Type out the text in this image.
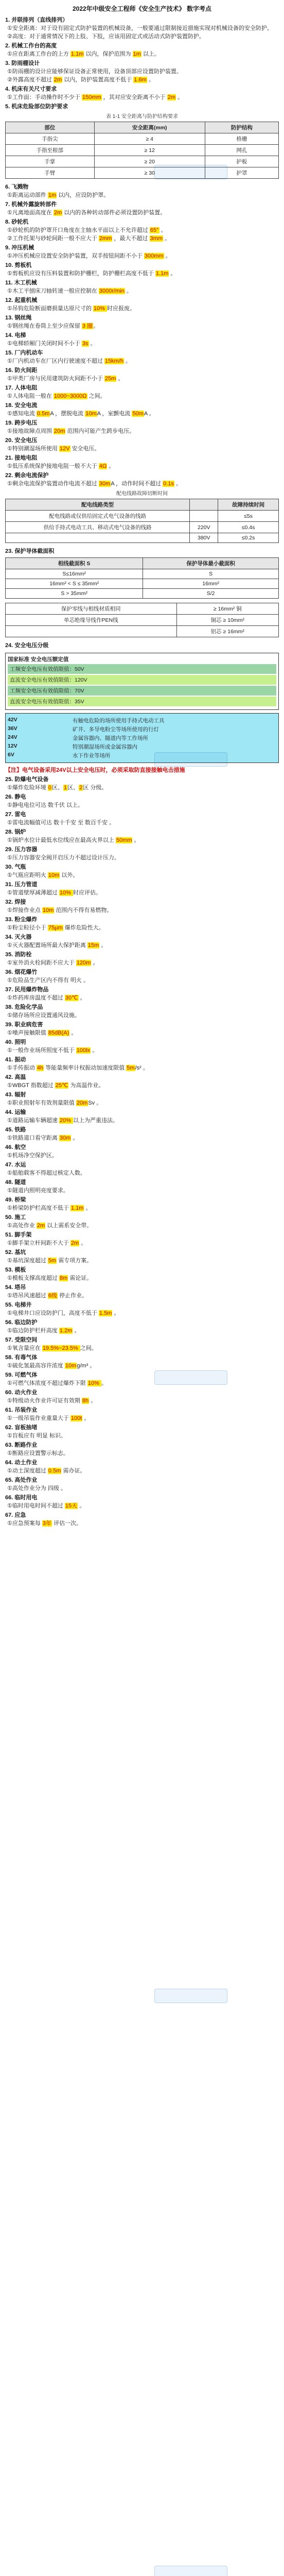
2022年中级安全工程师《安全生产技术》 数字考点
1. 并联排列（直线排列）
①安全距离：对于设有固定式防护装置的机械设备，一般要通过限制接近措施实现对机械设备的安全防护。
②高度：对于通常情况下的上肢、下肢，应该用固定式或活动式防护装置防护。
2. 机械工作台的高度
①应在距离工作台的上方 1.1m 以内，保护范围为 1m 以上。
3. 防雨棚设计
①防雨棚的设计应能够保证设备正常使用，设备顶部应设置防护装置。
②外露高度不超过 2m 以内，防护装置高度不低于 1.6m 。
4. 机床有关尺寸要求
①工作面：手动操作时不少于 150mm ，其对应安全距离不小于 2m 。
5. 机床危险部位防护要求
表 1-1 安全距离与防护结构要求
部位	安全距离(mm)	防护结构
手指尖	≥ 4	格栅
手指至根部	≥ 12	网孔
手掌	≥ 20	护板
手臂	≥ 30	护罩
6. 飞溅物
①距离运动部件 1m 以内，应设防护罩。
7. 机械外露旋转部件
①凡离地面高度在 2m 以内的各种转动部件必须设置防护装置。
8. 砂轮机
①砂轮机的防护罩开口角度在主轴水平面以上不允许超过 65° 。
②工作托架与砂轮间距一般不应大于 2mm ，最大不超过 3mm 。
9. 冲压机械
①冲压机械应设置安全防护装置，双手按钮间距不小于 300mm 。
10. 剪板机
①剪板机应设有压料装置和防护栅栏，防护栅栏高度不低于 1.1m 。
11. 木工机械
①木工平刨床刀轴转速一般应控制在 3000r/min 。
12. 起重机械
①吊钩危险断面磨损量达原尺寸的 10% 时应报废。
13. 钢丝绳
①钢丝绳在卷筒上至少应保留 3 圈。
14. 电梯
①电梯轿厢门关闭时间不小于 3s 。
15. 厂内机动车
①厂内机动车在厂区内行驶速度不超过 15km/h 。
16. 防火间距
①甲类厂房与民用建筑防火间距不小于 25m 。
17. 人体电阻
①人体电阻一般在 1000~3000Ω 之间。
18. 安全电流
①感知电流 0.5mA ，摆脱电流 10mA ，室颤电流 50mA 。
19. 跨步电压
①接地故障点周围 20m 范围内可能产生跨步电压。
20. 安全电压
①特别潮湿场所使用 12V 安全电压。
21. 接地电阻
①低压系统保护接地电阻一般不大于 4Ω 。
22. 剩余电流保护
①剩余电流保护装置动作电流不超过 30mA ，动作时间不超过 0.1s 。
配电线路故障切断时间
配电线路类型		故障持续时间
配电线路或仅供给固定式电气设备的线路		≤5s
供给手持式电动工具、移动式电气设备的线路	220V	≤0.4s
	380V	≤0.2s
23. 保护导体截面积
相线截面积 S	保护导体最小截面积
S≤16mm²	S
16mm² < S ≤ 35mm²	16mm²
S > 35mm²	S/2
保护零线与相线材质相同	≥ 16mm² 铜
单芯绝缘导线作PEN线	铜芯 ≥ 10mm²
	铝芯 ≥ 16mm²
24. 安全电压分级
国家标准 安全电压额定值
工频安全电压有效值限值：50V
直流安全电压有效值限值：120V
工频安全电压有效值限值：70V
直流安全电压有效值限值：35V
42V	有触电危险的场所使用手持式电动工具
36V	矿井、多导电粉尘等场所使用的行灯
24V	金属容器内、隧道内等工作场所
12V	特别潮湿场所或金属容器内
6V	水下作业等场所
【注】电气设备采用24V以上安全电压时，必须采取防直接接触电击措施
25. 防爆电气设备
①爆炸危险环境 0区、1区、2区 分级。
26. 静电
①静电电位可达 数千伏 以上。
27. 雷电
①雷电流幅值可达 数十千安 至 数百千安 。
28. 锅炉
①锅炉水位计最低水位线应在最高火界以上 50mm 。
29. 压力容器
①压力容器安全阀开启压力不超过设计压力。
30. 气瓶
①气瓶应距明火 10m 以外。
31. 压力管道
①管道壁厚减薄超过 10% 时应评估。
32. 焊接
①焊接作业点 10m 范围内不得有易燃物。
33. 粉尘爆炸
①粉尘粒径小于 75μm 爆炸危险性大。
34. 灭火器
①灭火器配置场所最大保护距离 15m 。
35. 消防栓
①室外消火栓间距不应大于 120m 。
36. 烟花爆竹
①危险品生产区内不得有 明火 。
37. 民用爆炸物品
①炸药库房温度不超过 30℃ 。
38. 危险化学品
①储存场所应设置通风设施。
39. 职业病危害
①噪声接触限值 85dB(A) 。
40. 照明
①一般作业场所照度不低于 100lx 。
41. 振动
①手传振动 4h 等能量频率计权振动加速度限值 5m/s² 。
42. 高温
①WBGT 指数超过 25℃ 为高温作业。
43. 辐射
①职业照射年有效剂量限值 20mSv 。
44. 运输
①道路运输车辆超速 20% 以上为严重违法。
45. 铁路
①铁路道口看守距离 30m 。
46. 航空
①机场净空保护区。
47. 水运
①船舶载客不得超过核定人数。
48. 隧道
①隧道内照明亮度要求。
49. 桥梁
①桥梁防护栏高度不低于 1.1m 。
50. 施工
①高处作业 2m 以上需系安全带。
51. 脚手架
①脚手架立杆间距不大于 2m 。
52. 基坑
①基坑深度超过 5m 需专项方案。
53. 模板
①模板支撑高度超过 8m 需论证。
54. 塔吊
①塔吊风速超过 6级 停止作业。
55. 电梯井
①电梯井口应设防护门，高度不低于 1.5m 。
56. 临边防护
①临边防护栏杆高度 1.2m 。
57. 受限空间
①氧含量应在 19.5%~23.5% 之间。
58. 有毒气体
①硫化氢最高容许浓度 10mg/m³ 。
59. 可燃气体
①可燃气体浓度不超过爆炸下限 10% 。
60. 动火作业
①特级动火作业许可证有效期 8h 。
61. 吊装作业
①一级吊装作业重量大于 100t 。
62. 盲板抽堵
①盲板应有 明显 标识。
63. 断路作业
①断路应设置警示标志。
64. 动土作业
①动土深度超过 0.5m 需办证。
65. 高处作业
①高处作业分为 四级 。
66. 临时用电
①临时用电时间不超过 15天 。
67. 应急
①应急预案每 3年 评估一次。
